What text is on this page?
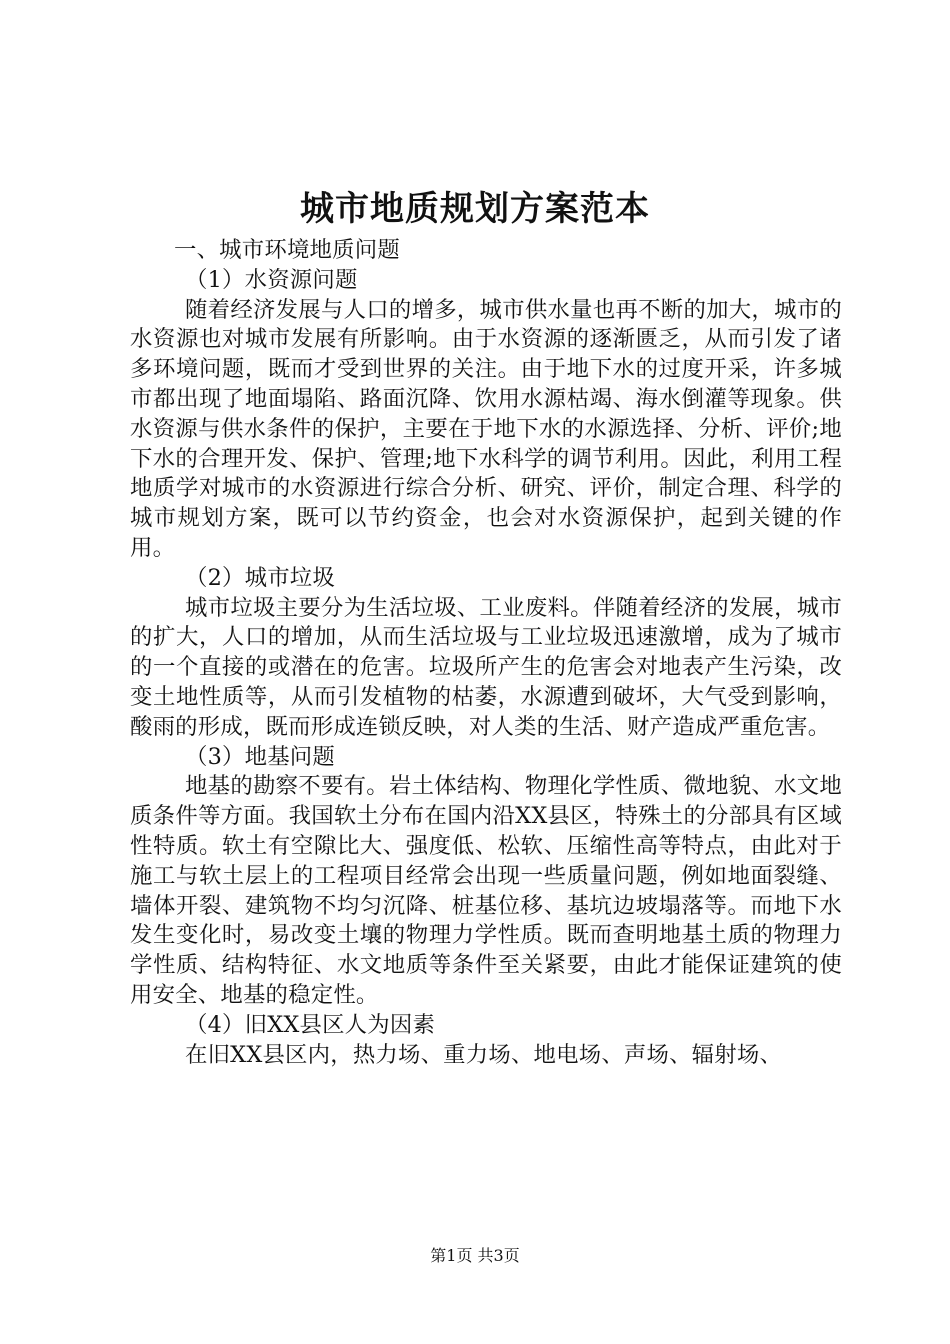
城市地质规划方案范本

一、城市环境地质问题

（1）水资源问题

随着经济发展与人口的增多，城市供水量也再不断的加大，城市的水资源也对城市发展有所影响。由于水资源的逐渐匮乏，从而引发了诸多环境问题，既而才受到世界的关注。由于地下水的过度开采，许多城市都出现了地面塌陷、路面沉降、饮用水源枯竭、海水倒灌等现象。供水资源与供水条件的保护，主要在于地下水的水源选择、分析、评价;地下水的合理开发、保护、管理;地下水科学的调节利用。因此，利用工程地质学对城市的水资源进行综合分析、研究、评价，制定合理、科学的城市规划方案，既可以节约资金，也会对水资源保护，起到关键的作用。

（2）城市垃圾

城市垃圾主要分为生活垃圾、工业废料。伴随着经济的发展，城市的扩大，人口的增加，从而生活垃圾与工业垃圾迅速激增，成为了城市的一个直接的或潜在的危害。垃圾所产生的危害会对地表产生污染，改变土地性质等，从而引发植物的枯萎，水源遭到破坏，大气受到影响，酸雨的形成，既而形成连锁反映，对人类的生活、财产造成严重危害。

（3）地基问题

地基的勘察不要有。岩土体结构、物理化学性质、微地貌、水文地质条件等方面。我国软土分布在国内沿XX县区，特殊土的分部具有区域性特质。软土有空隙比大、强度低、松软、压缩性高等特点，由此对于施工与软土层上的工程项目经常会出现一些质量问题，例如地面裂缝、墙体开裂、建筑物不均匀沉降、桩基位移、基坑边坡塌落等。而地下水发生变化时，易改变土壤的物理力学性质。既而查明地基土质的物理力学性质、结构特征、水文地质等条件至关紧要，由此才能保证建筑的使用安全、地基的稳定性。

（4）旧XX县区人为因素

在旧XX县区内，热力场、重力场、地电场、声场、辐射场、

第1页 共3页
